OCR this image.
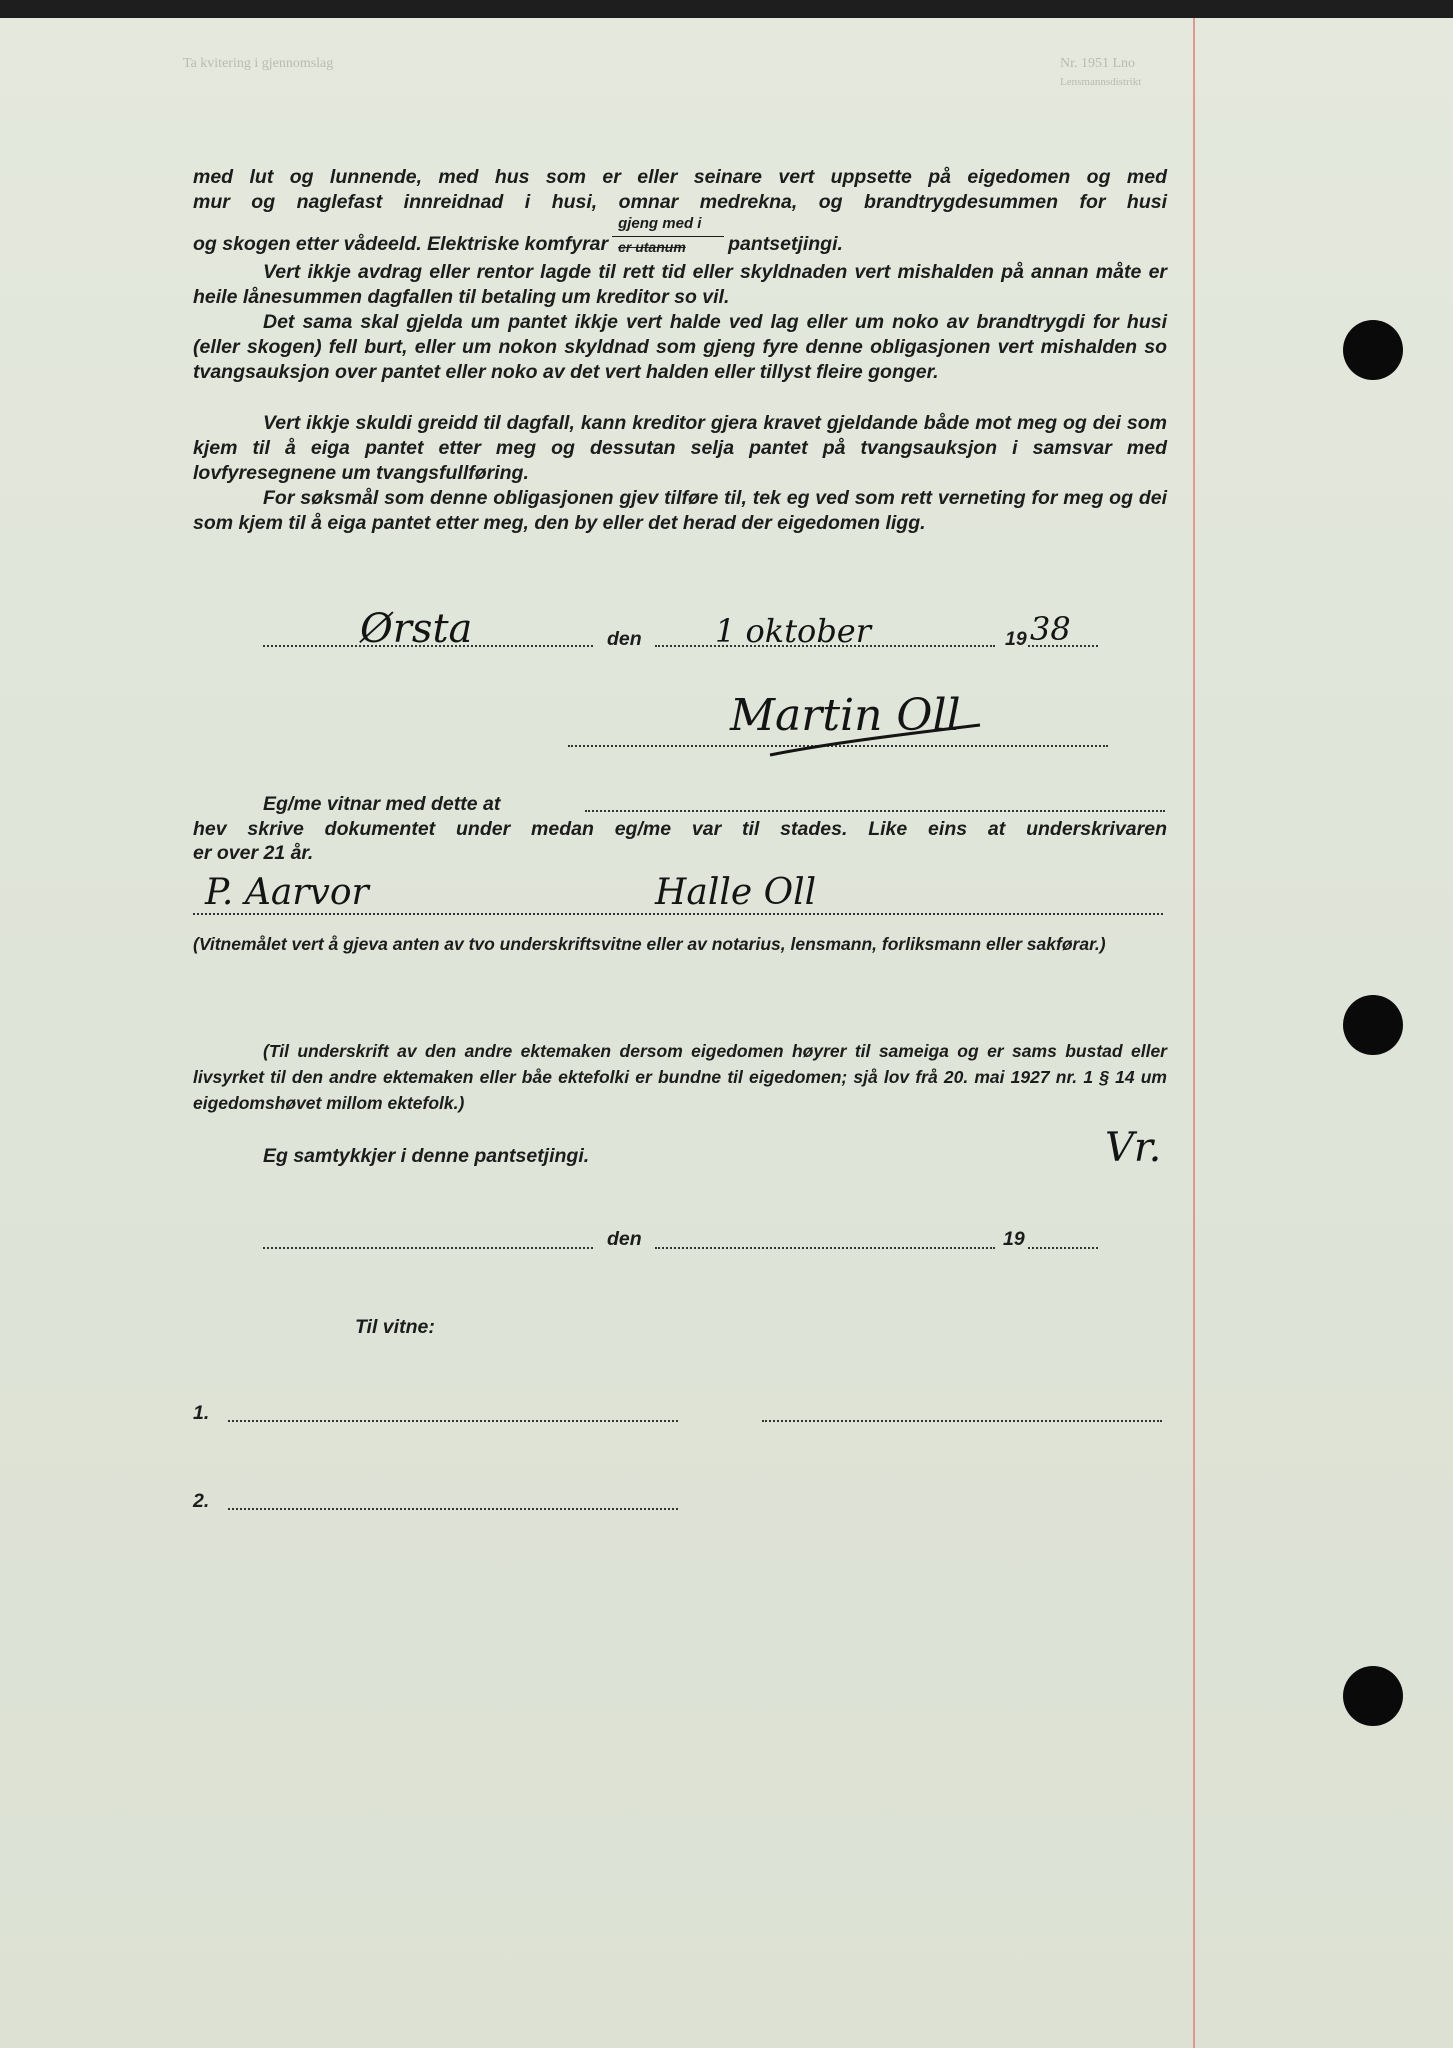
Ta kvitering i gjennomslag	Nr. 1951 Lno
Lensmannsdistrikt
med lut og lunnende, med hus som er eller seinare vert uppsette på eigedomen og med
mur og naglefast innreidnad i husi, omnar medrekna, og brandtrygdesummen for husi
og skogen etter vådeeld. Elektriske komfyrar
gjeng med i
er utanum pantsetjingi.
Vert ikkje avdrag eller rentor lagde til rett tid eller skyldnaden vert mishalden på annan måte er heile lånesummen dagfallen til betaling um kreditor so vil.
Det sama skal gjelda um pantet ikkje vert halde ved lag eller um noko av brandtrygdi for husi (eller skogen) fell burt, eller um nokon skyldnad som gjeng fyre denne obligasjonen vert mishalden so tvangsauksjon over pantet eller noko av det vert halden eller tillyst fleire gonger.
Vert ikkje skuldi greidd til dagfall, kann kreditor gjera kravet gjeldande både mot meg og dei som kjem til å eiga pantet etter meg og dessutan selja pantet på tvangsauksjon i samsvar med lovfyresegnene um tvangsfullføring.
For søksmål som denne obligasjonen gjev tilføre til, tek eg ved som rett verneting for meg og dei som kjem til å eiga pantet etter meg, den by eller det herad der eigedomen ligg.
Ørsta	den 1 oktober	19 38
Martin Oll
Eg/me vitnar med dette at
hev skrive dokumentet under medan eg/me var til stades. Like eins at underskrivaren
er over 21 år.
P. Aarvor	Halle Oll
(Vitnemålet vert å gjeva anten av tvo underskriftsvitne eller av notarius, lensmann, forliksmann eller sakførar.)
(Til underskrift av den andre ektemaken dersom eigedomen høyrer til sameiga og er sams bustad eller livsyrket til den andre ektemaken eller båe ektefolki er bundne til eigedomen; sjå lov frå 20. mai 1927 nr. 1 § 14 um eigedomshøvet millom ektefolk.)
Eg samtykkjer i denne pantsetjingi.	Vr.
den	19
Til vitne:
1.
2.
